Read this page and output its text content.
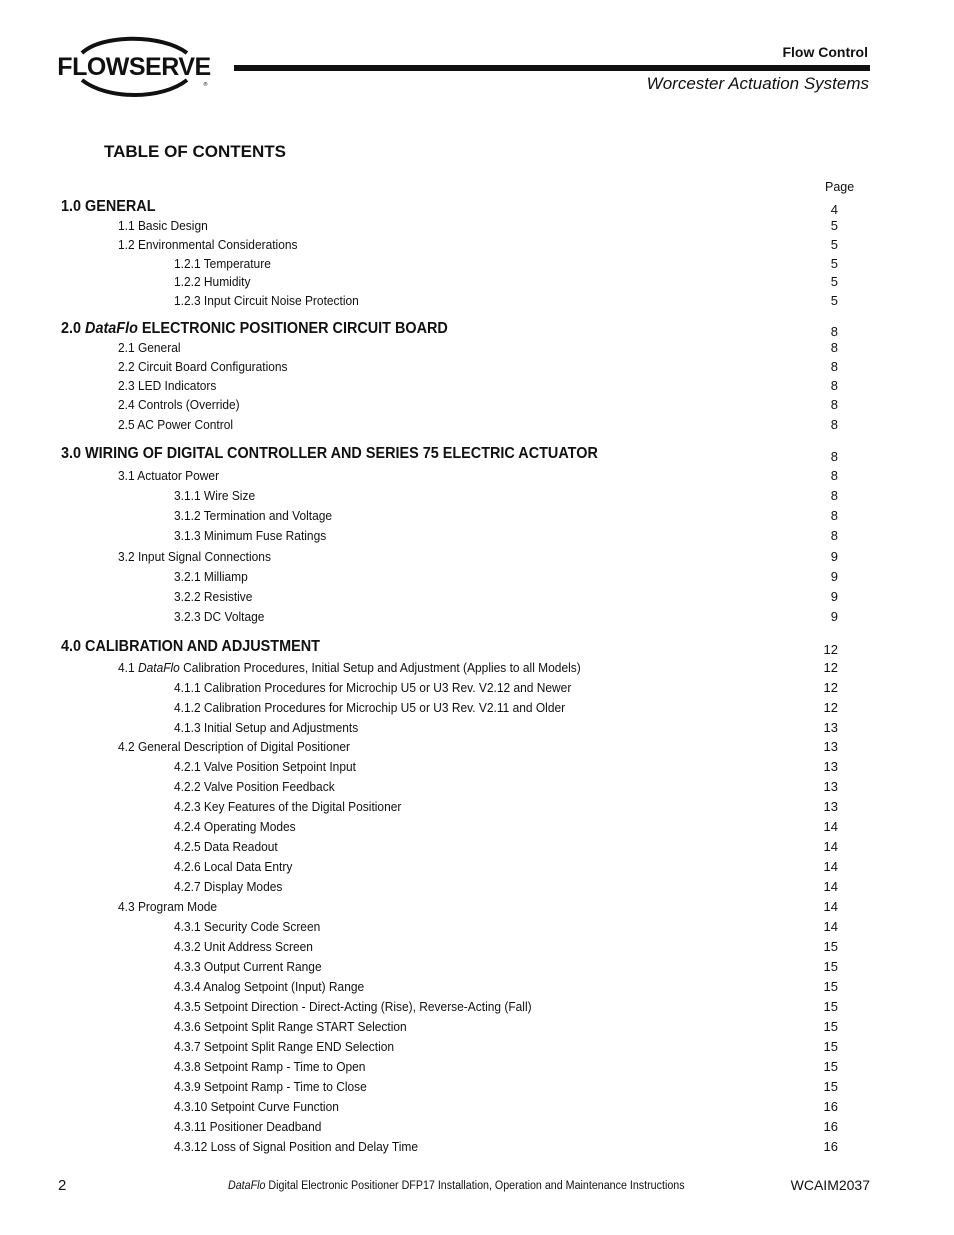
FLOWSERVE
®
Flow Control
Worcester Actuation Systems
TABLE OF CONTENTS
Page
1.0 GENERAL	4
1.1 Basic Design	5
1.2 Environmental Considerations	5
1.2.1 Temperature	5
1.2.2 Humidity	5
1.2.3 Input Circuit Noise Protection	5
2.0 DataFlo ELECTRONIC POSITIONER CIRCUIT BOARD	8
2.1 General	8
2.2 Circuit Board Configurations	8
2.3 LED Indicators	8
2.4 Controls (Override)	8
2.5 AC Power Control	8
3.0 WIRING OF DIGITAL CONTROLLER AND SERIES 75 ELECTRIC ACTUATOR	8
3.1 Actuator Power	8
3.1.1 Wire Size	8
3.1.2 Termination and Voltage	8
3.1.3 Minimum Fuse Ratings	8
3.2 Input Signal Connections	9
3.2.1 Milliamp	9
3.2.2 Resistive	9
3.2.3 DC Voltage	9
4.0 CALIBRATION AND ADJUSTMENT	12
4.1 DataFlo Calibration Procedures, Initial Setup and Adjustment (Applies to all Models)	12
4.1.1 Calibration Procedures for Microchip U5 or U3 Rev. V2.12 and Newer	12
4.1.2 Calibration Procedures for Microchip U5 or U3 Rev. V2.11 and Older	12
4.1.3 Initial Setup and Adjustments	13
4.2 General Description of Digital Positioner	13
4.2.1 Valve Position Setpoint Input	13
4.2.2 Valve Position Feedback	13
4.2.3 Key Features of the Digital Positioner	13
4.2.4 Operating Modes	14
4.2.5 Data Readout	14
4.2.6 Local Data Entry	14
4.2.7 Display Modes	14
4.3 Program Mode	14
4.3.1 Security Code Screen	14
4.3.2 Unit Address Screen	15
4.3.3 Output Current Range	15
4.3.4 Analog Setpoint (Input) Range	15
4.3.5 Setpoint Direction - Direct-Acting (Rise), Reverse-Acting (Fall)	15
4.3.6 Setpoint Split Range START Selection	15
4.3.7 Setpoint Split Range END Selection	15
4.3.8 Setpoint Ramp - Time to Open	15
4.3.9 Setpoint Ramp - Time to Close	15
4.3.10 Setpoint Curve Function	16
4.3.11 Positioner Deadband	16
4.3.12 Loss of Signal Position and Delay Time	16
2	DataFlo Digital Electronic Positioner DFP17 Installation, Operation and Maintenance Instructions	WCAIM2037
